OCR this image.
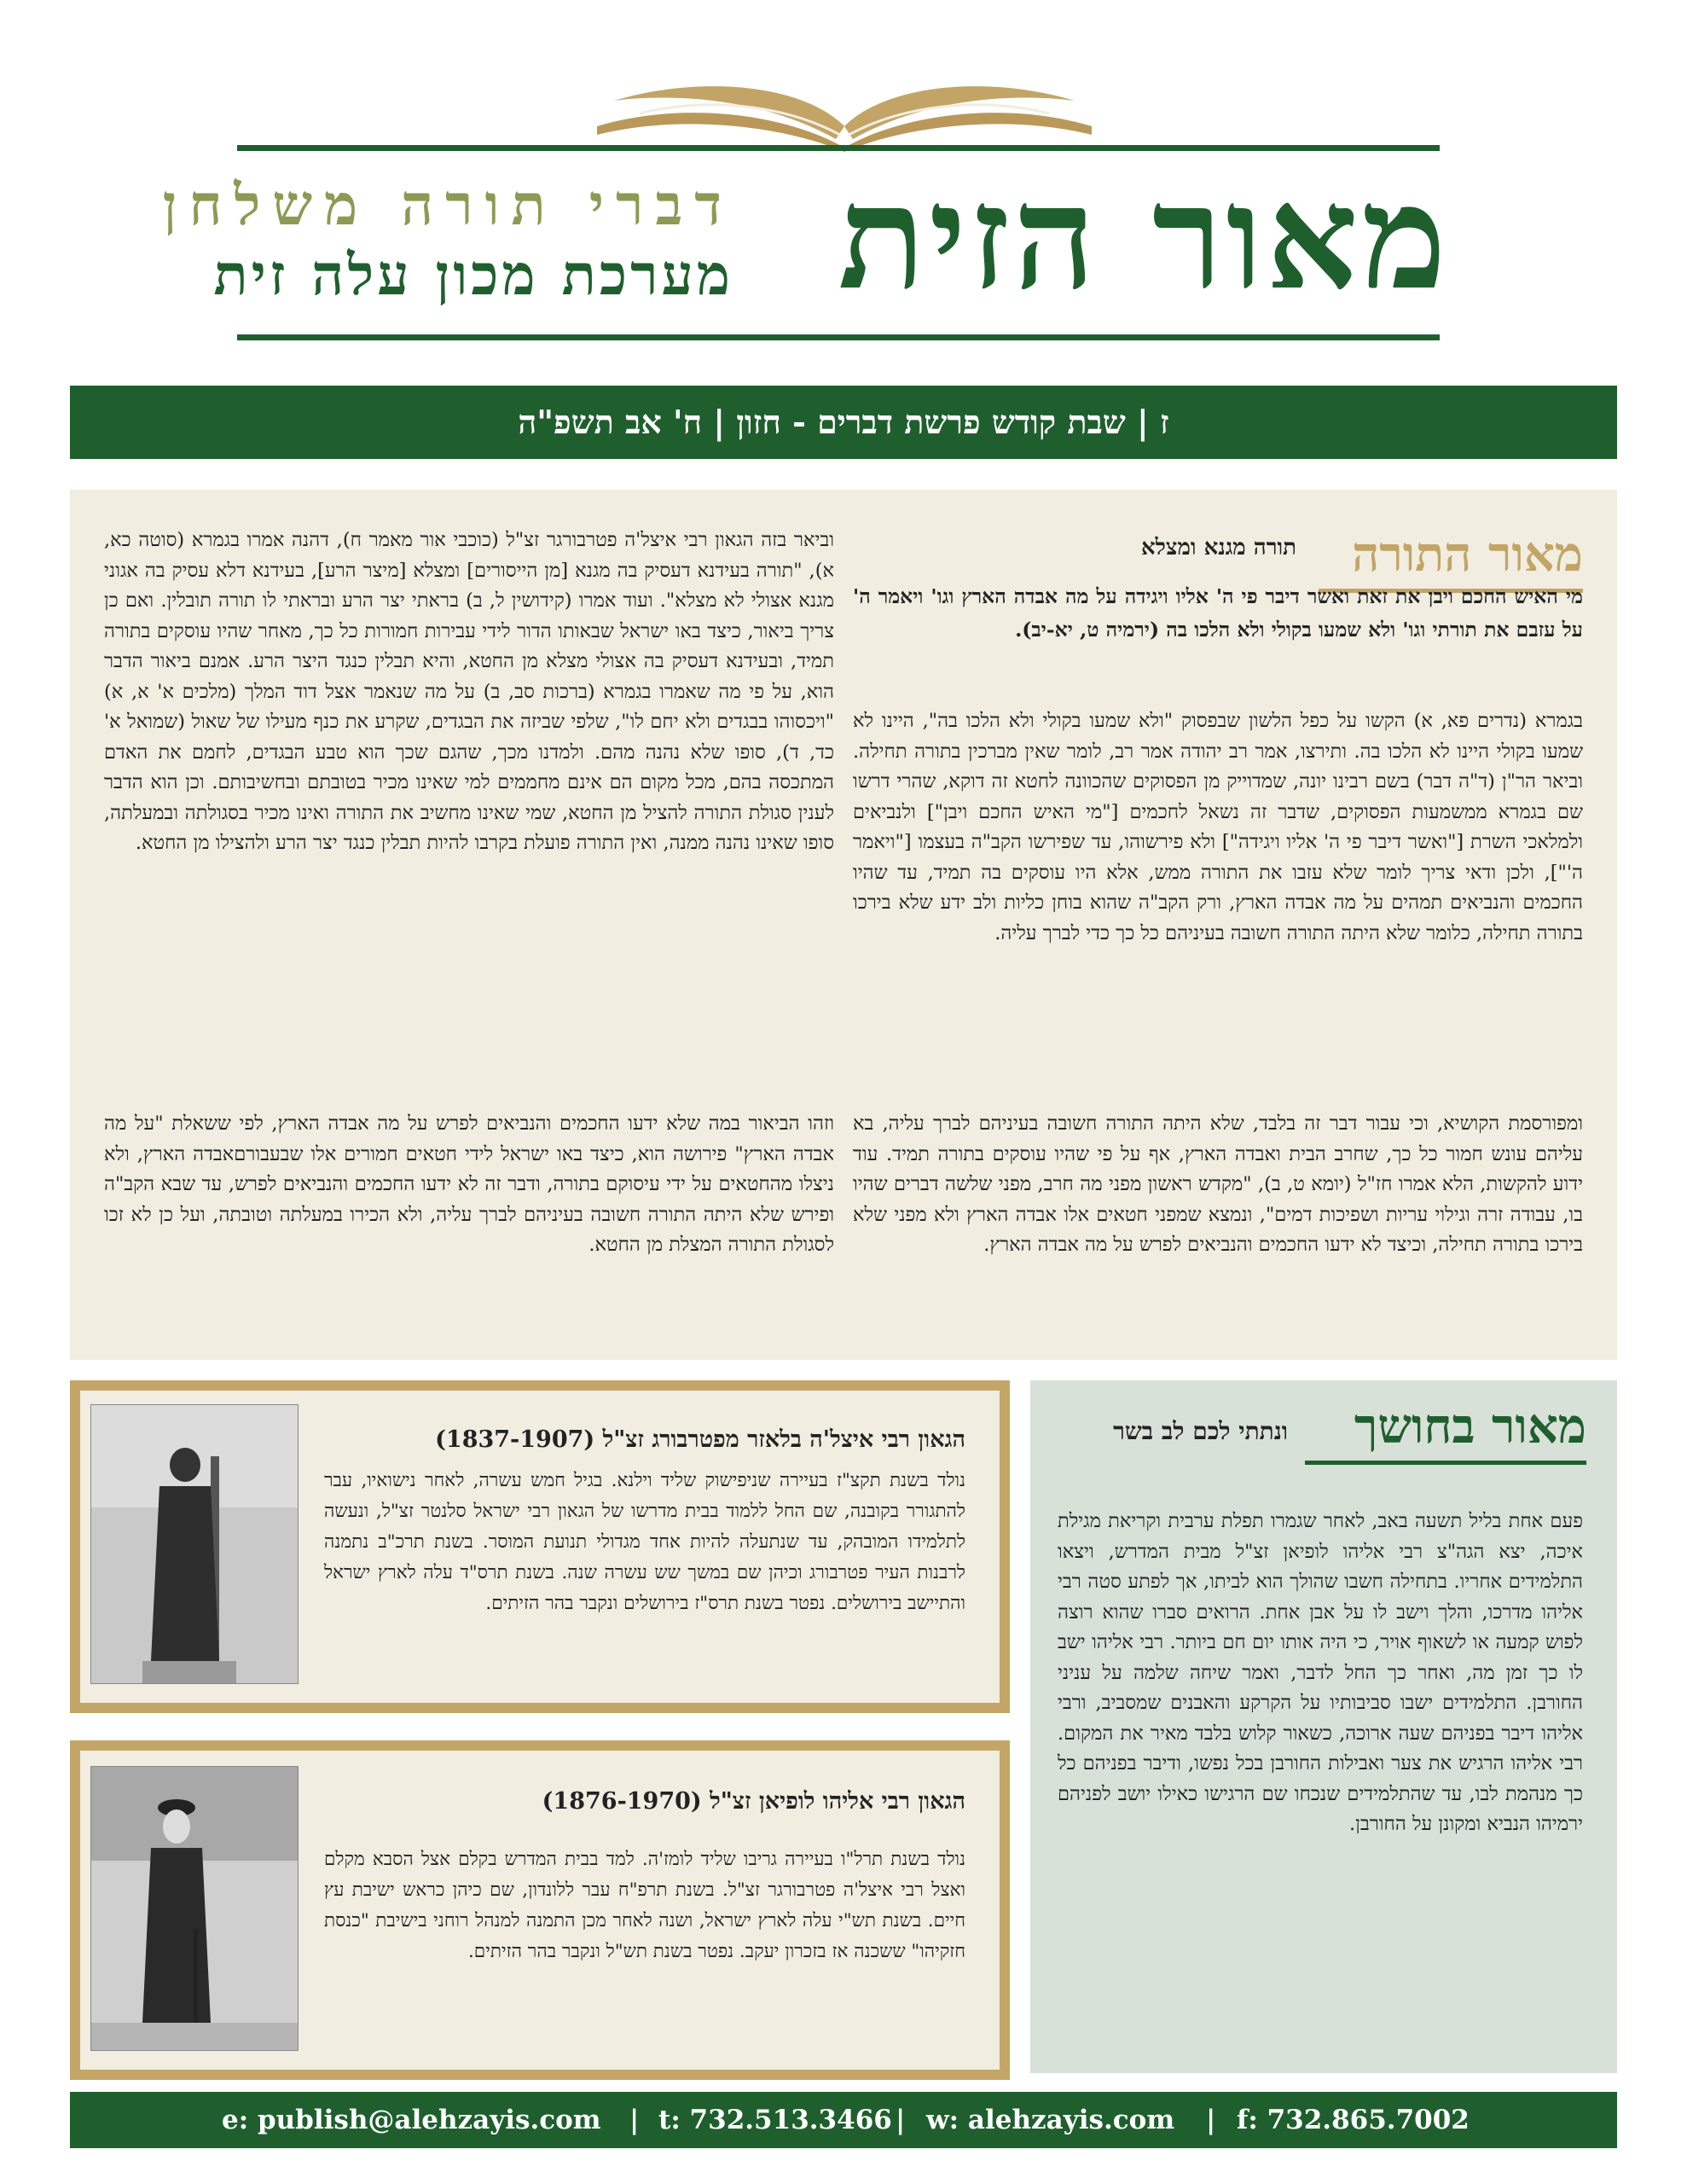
מאור הזית
דברי תורה משלחן
מערכת מכון עלה זית
ז | שבת קודש פרשת דברים - חזון | ח' אב תשפ"ה
מאור התורה
תורה מגנא ומצלא
מי האיש החכם ויבן את זאת ואשר דיבר פי ה' אליו ויגידה על מה אבדה הארץ וגו' ויאמר ה' על עזבם את תורתי וגו' ולא שמעו בקולי ולא הלכו בה (ירמיה ט, יא-יב).
בגמרא (נדרים פא, א) הקשו על כפל הלשון שבפסוק "ולא שמעו בקולי ולא הלכו בה", היינו לא שמעו בקולי היינו לא הלכו בה. ותירצו, אמר רב יהודה אמר רב, לומר שאין מברכין בתורה תחילה. וביאר הר"ן (ד"ה דבר) בשם רבינו יונה, שמדוייק מן הפסוקים שהכוונה לחטא זה דוקא, שהרי דרשו שם בגמרא ממשמעות הפסוקים, שדבר זה נשאל לחכמים ["מי האיש החכם ויבן"] ולנביאים ולמלאכי השרת ["ואשר דיבר פי ה' אליו ויגידה"] ולא פירשוהו, עד שפירשו הקב"ה בעצמו ["ויאמר ה'"], ולכן ודאי צריך לומר שלא עזבו את התורה ממש, אלא היו עוסקים בה תמיד, עד שהיו החכמים והנביאים תמהים על מה אבדה הארץ, ורק הקב"ה שהוא בוחן כליות ולב ידע שלא בירכו בתורה תחילה, כלומר שלא היתה התורה חשובה בעיניהם כל כך כדי לברך עליה.
ומפורסמת הקושיא, וכי עבור דבר זה בלבד, שלא היתה התורה חשובה בעיניהם לברך עליה, בא עליהם עונש חמור כל כך, שחרב הבית ואבדה הארץ, אף על פי שהיו עוסקים בתורה תמיד. עוד ידוע להקשות, הלא אמרו חז"ל (יומא ט, ב), "מקדש ראשון מפני מה חרב, מפני שלשה דברים שהיו בו, עבודה זרה וגילוי עריות ושפיכות דמים", ונמצא שמפני חטאים אלו אבדה הארץ ולא מפני שלא בירכו בתורה תחילה, וכיצד לא ידעו החכמים והנביאים לפרש על מה אבדה הארץ.
וביאר בזה הגאון רבי איצל'ה פטרבורגר זצ"ל (כוכבי אור מאמר ח), דהנה אמרו בגמרא (סוטה כא, א), "תורה בעידנא דעסיק בה מגנא [מן הייסורים] ומצלא [מיצר הרע], בעידנא דלא עסיק בה אגוני מגנא אצולי לא מצלא". ועוד אמרו (קידושין ל, ב) בראתי יצר הרע ובראתי לו תורה תובלין. ואם כן צריך ביאור, כיצד באו ישראל שבאותו הדור לידי עבירות חמורות כל כך, מאחר שהיו עוסקים בתורה תמיד, ובעידנא דעסיק בה אצולי מצלא מן החטא, והיא תבלין כנגד היצר הרע. אמנם ביאור הדבר הוא, על פי מה שאמרו בגמרא (ברכות סב, ב) על מה שנאמר אצל דוד המלך (מלכים א' א, א) "ויכסוהו בבגדים ולא יחם לו", שלפי שביזה את הבגדים, שקרע את כנף מעילו של שאול (שמואל א' כד, ד), סופו שלא נהנה מהם. ולמדנו מכך, שהגם שכך הוא טבע הבגדים, לחמם את האדם המתכסה בהם, מכל מקום הם אינם מחממים למי שאינו מכיר בטובתם ובחשיבותם. וכן הוא הדבר לענין סגולת התורה להציל מן החטא, שמי שאינו מחשיב את התורה ואינו מכיר בסגולתה ובמעלתה, סופו שאינו נהנה ממנה, ואין התורה פועלת בקרבו להיות תבלין כנגד יצר הרע ולהצילו מן החטא.
וזהו הביאור במה שלא ידעו החכמים והנביאים לפרש על מה אבדה הארץ, לפי ששאלת "על מה אבדה הארץ" פירושה הוא, כיצד באו ישראל לידי חטאים חמורים אלו שבעבורםאבדה הארץ, ולא ניצלו מהחטאים על ידי עיסוקם בתורה, ודבר זה לא ידעו החכמים והנביאים לפרש, עד שבא הקב"ה ופירש שלא היתה התורה חשובה בעיניהם לברך עליה, ולא הכירו במעלתה וטובתה, ועל כן לא זכו לסגולת התורה המצלת מן החטא.
הגאון רבי איצל'ה בלאזר מפטרבורג זצ"ל (1837-1907)
נולד בשנת תקצ"ז בעיירה שניפישוק שליד וילנא. בגיל חמש עשרה, לאחר נישואיו, עבר להתגורר בקובנה, שם החל ללמוד בבית מדרשו של הגאון רבי ישראל סלנטר זצ"ל, ונעשה לתלמידו המובהק, עד שנתעלה להיות אחד מגדולי תנועת המוסר. בשנת תרכ"ב נתמנה לרבנות העיר פטרבורג וכיהן שם במשך שש עשרה שנה. בשנת תרס"ד עלה לארץ ישראל והתיישב בירושלים. נפטר בשנת תרס"ז בירושלים ונקבר בהר הזיתים.
הגאון רבי אליהו לופיאן זצ"ל (1876-1970)
נולד בשנת תרל"ו בעיירה גריבו שליד לומז'ה. למד בבית המדרש בקלם אצל הסבא מקלם ואצל רבי איצל'ה פטרבורגר זצ"ל. בשנת תרפ"ח עבר ללונדון, שם כיהן כראש ישיבת עץ חיים. בשנת תש"י עלה לארץ ישראל, ושנה לאחר מכן התמנה למנהל רוחני בישיבת "כנסת חזקיהו" ששכנה אז בזכרון יעקב. נפטר בשנת תש"ל ונקבר בהר הזיתים.
מאור בחושך
ונתתי לכם לב בשר
פעם אחת בליל תשעה באב, לאחר שגמרו תפלת ערבית וקריאת מגילת איכה, יצא הגה"צ רבי אליהו לופיאן זצ"ל מבית המדרש, ויצאו התלמידים אחריו. בתחילה חשבו שהולך הוא לביתו, אך לפתע סטה רבי אליהו מדרכו, והלך וישב לו על אבן אחת. הרואים סברו שהוא רוצה לפוש קמעה או לשאוף אויר, כי היה אותו יום חם ביותר. רבי אליהו ישב לו כך זמן מה, ואחר כך החל לדבר, ואמר שיחה שלמה על עניני החורבן. התלמידים ישבו סביבותיו על הקרקע והאבנים שמסביב, ורבי אליהו דיבר בפניהם שעה ארוכה, כשאור קלוש בלבד מאיר את המקום. רבי אליהו הרגיש את צער ואבילות החורבן בכל נפשו, ודיבר בפניהם כל כך מנהמת לבו, עד שהתלמידים שנכחו שם הרגישו כאילו יושב לפניהם ירמיהו הנביא ומקונן על החורבן.
e: publish@alehzayis.com | t: 732.513.3466 | w: alehzayis.com | f: 732.865.7002
